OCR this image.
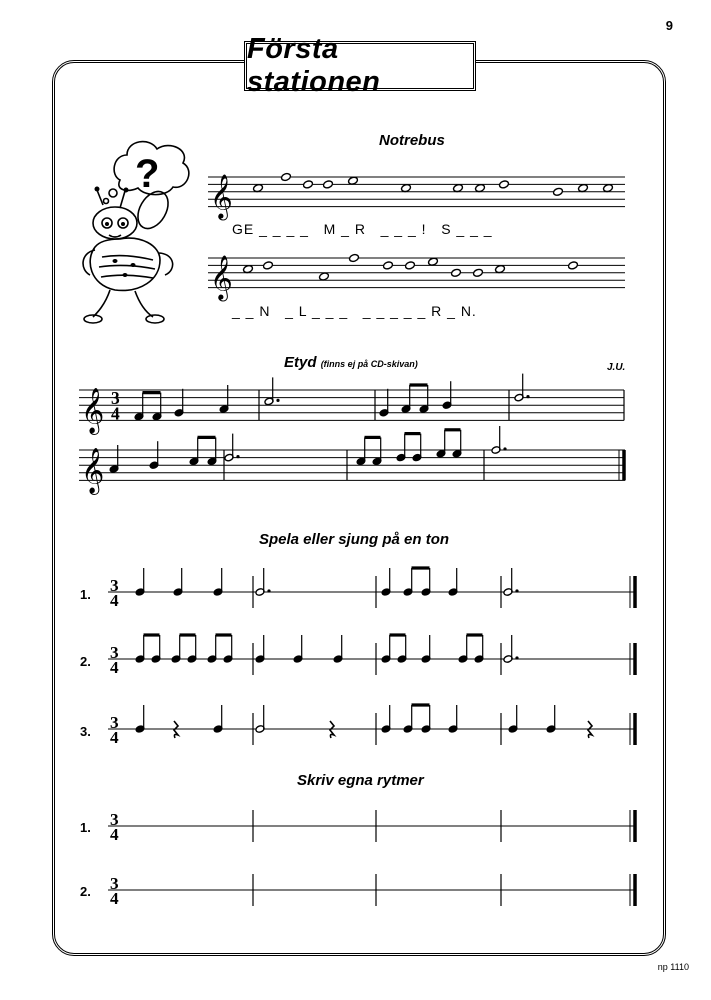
9
Första stationen
?
Notrebus
𝄞
GE _ _ _ _   M _ R   _ _ _ !   S _ _ _
𝄞
_ _ N   _ L _ _ _   _ _ _ _ _ R _ N.
Etyd (finns ej på CD-skivan)	J.U.
𝄞 3
4
𝄞
Spela eller sjung på en ton
1. 3
4
2. 3
4
3. 3
4
Skriv egna rytmer
1. 3
4
2. 3
4
np 1110
